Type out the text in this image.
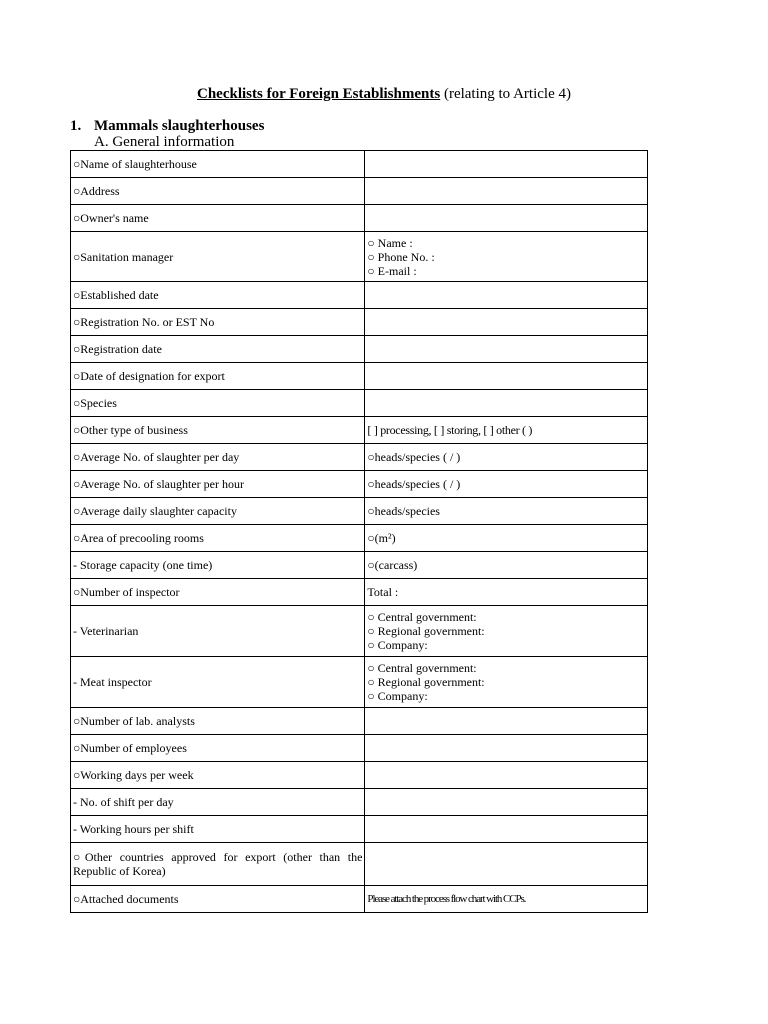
Checklists for Foreign Establishments (relating to Article 4)
1. Mammals slaughterhouses
A. General information
○Name of slaughterhouse	
○Address	
○Owner's name	
○Sanitation manager	○ Name :
○ Phone No. :
○ E-mail :

○Established date	
○Registration No. or EST No	
○Registration date	
○Date of designation for export	
○Species	
○Other type of business	[ ] processing, [ ] storing, [ ] other ( )
○Average No. of slaughter per day	○heads/species ( / )
○Average No. of slaughter per hour	○heads/species ( / )
○Average daily slaughter capacity	○heads/species
○Area of precooling rooms	○(m²)
- Storage capacity (one time)	○(carcass)
○Number of inspector	Total :
- Veterinarian	○ Central government:
○ Regional government:
○ Company:

- Meat inspector	○ Central government:
○ Regional government:
○ Company:

○Number of lab. analysts	
○Number of employees	
○Working days per week	
- No. of shift per day	
- Working hours per shift	
○Other countries approved for export (other than the Republic of Korea)	
○Attached documents	Please attach the process flow chart with CCPs.
